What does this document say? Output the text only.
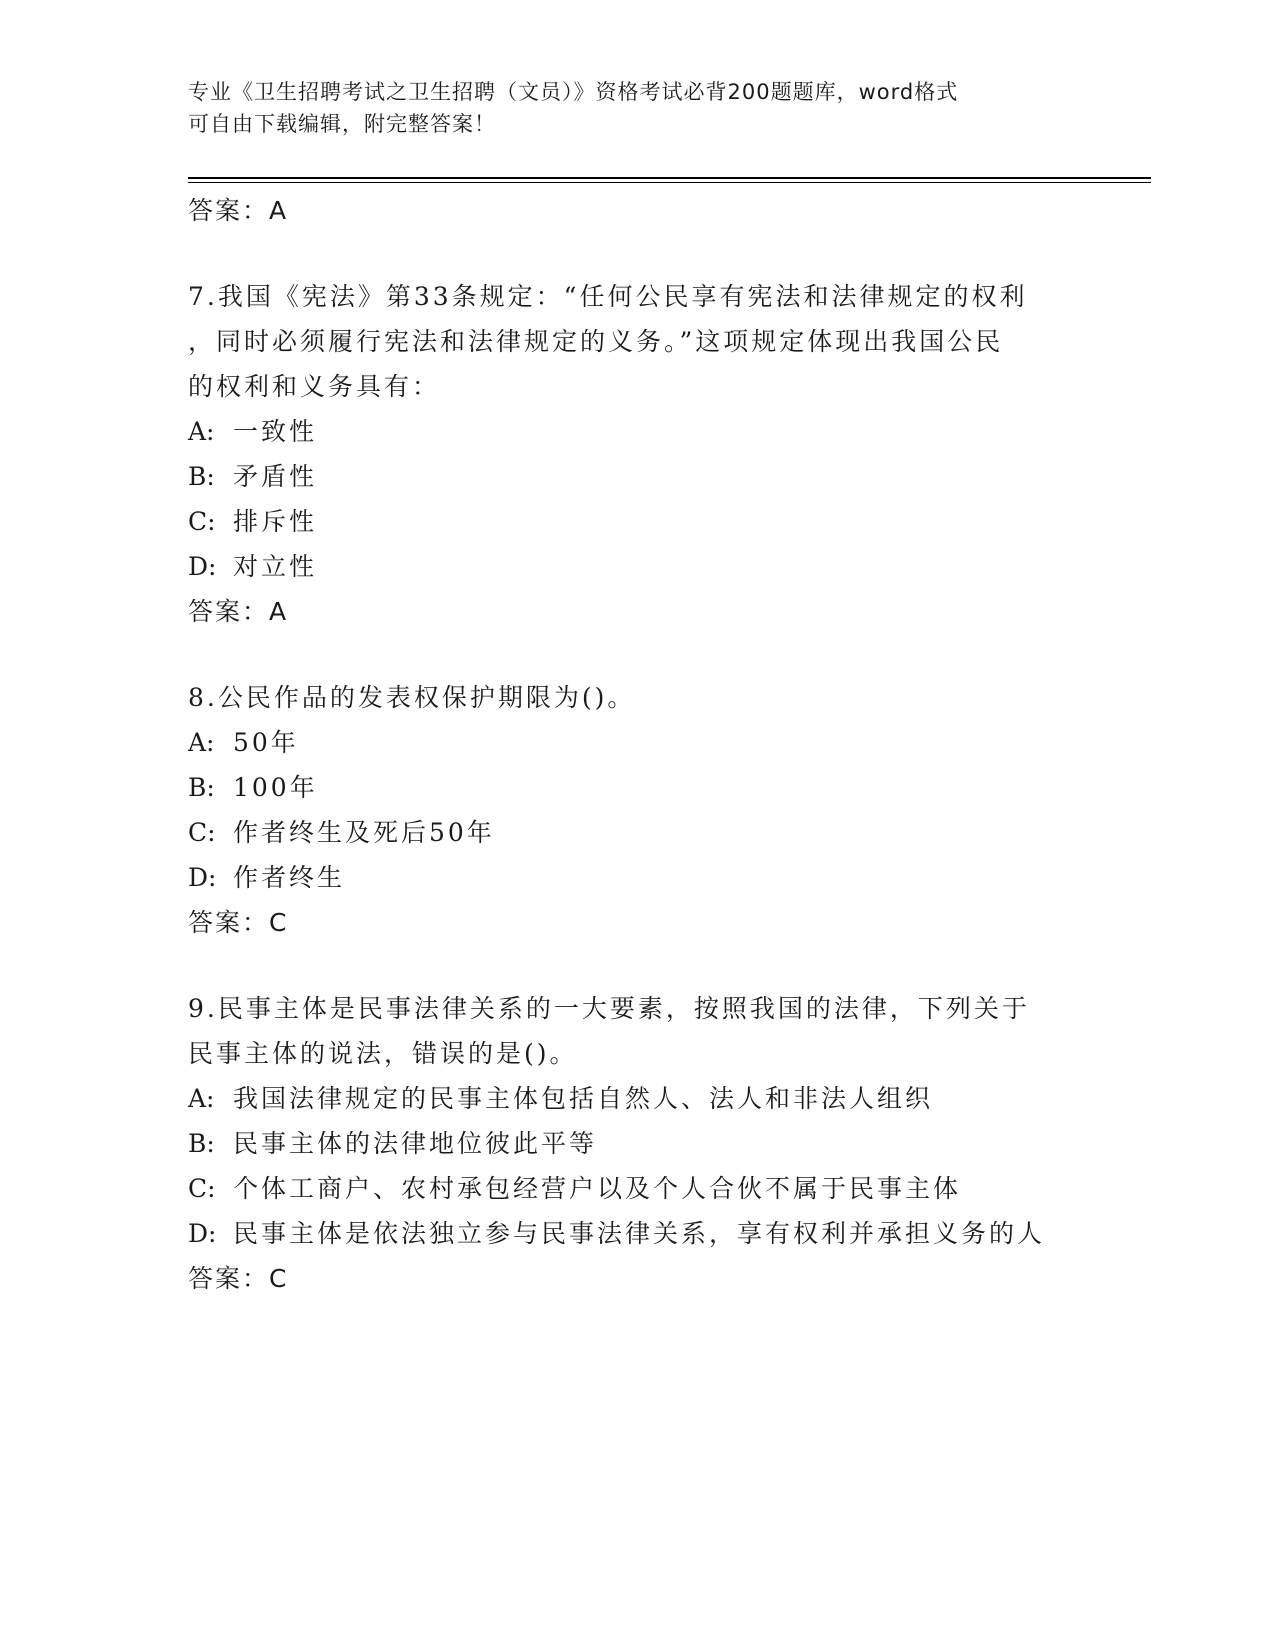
专业《卫生招聘考试之卫生招聘（文员）》资格考试必背200题题库，word格式
可自由下载编辑，附完整答案！
答案：A
7.我国《宪法》第33条规定：“任何公民享有宪法和法律规定的权利
，同时必须履行宪法和法律规定的义务。”这项规定体现出我国公民
的权利和义务具有：
A: 一致性
B: 矛盾性
C: 排斥性
D: 对立性
答案：A
8.公民作品的发表权保护期限为()。
A: 50年
B: 100年
C: 作者终生及死后50年
D: 作者终生
答案：C
9.民事主体是民事法律关系的一大要素，按照我国的法律，下列关于
民事主体的说法，错误的是()。
A: 我国法律规定的民事主体包括自然人、法人和非法人组织
B: 民事主体的法律地位彼此平等
C: 个体工商户、农村承包经营户以及个人合伙不属于民事主体
D: 民事主体是依法独立参与民事法律关系，享有权利并承担义务的人
答案：C
